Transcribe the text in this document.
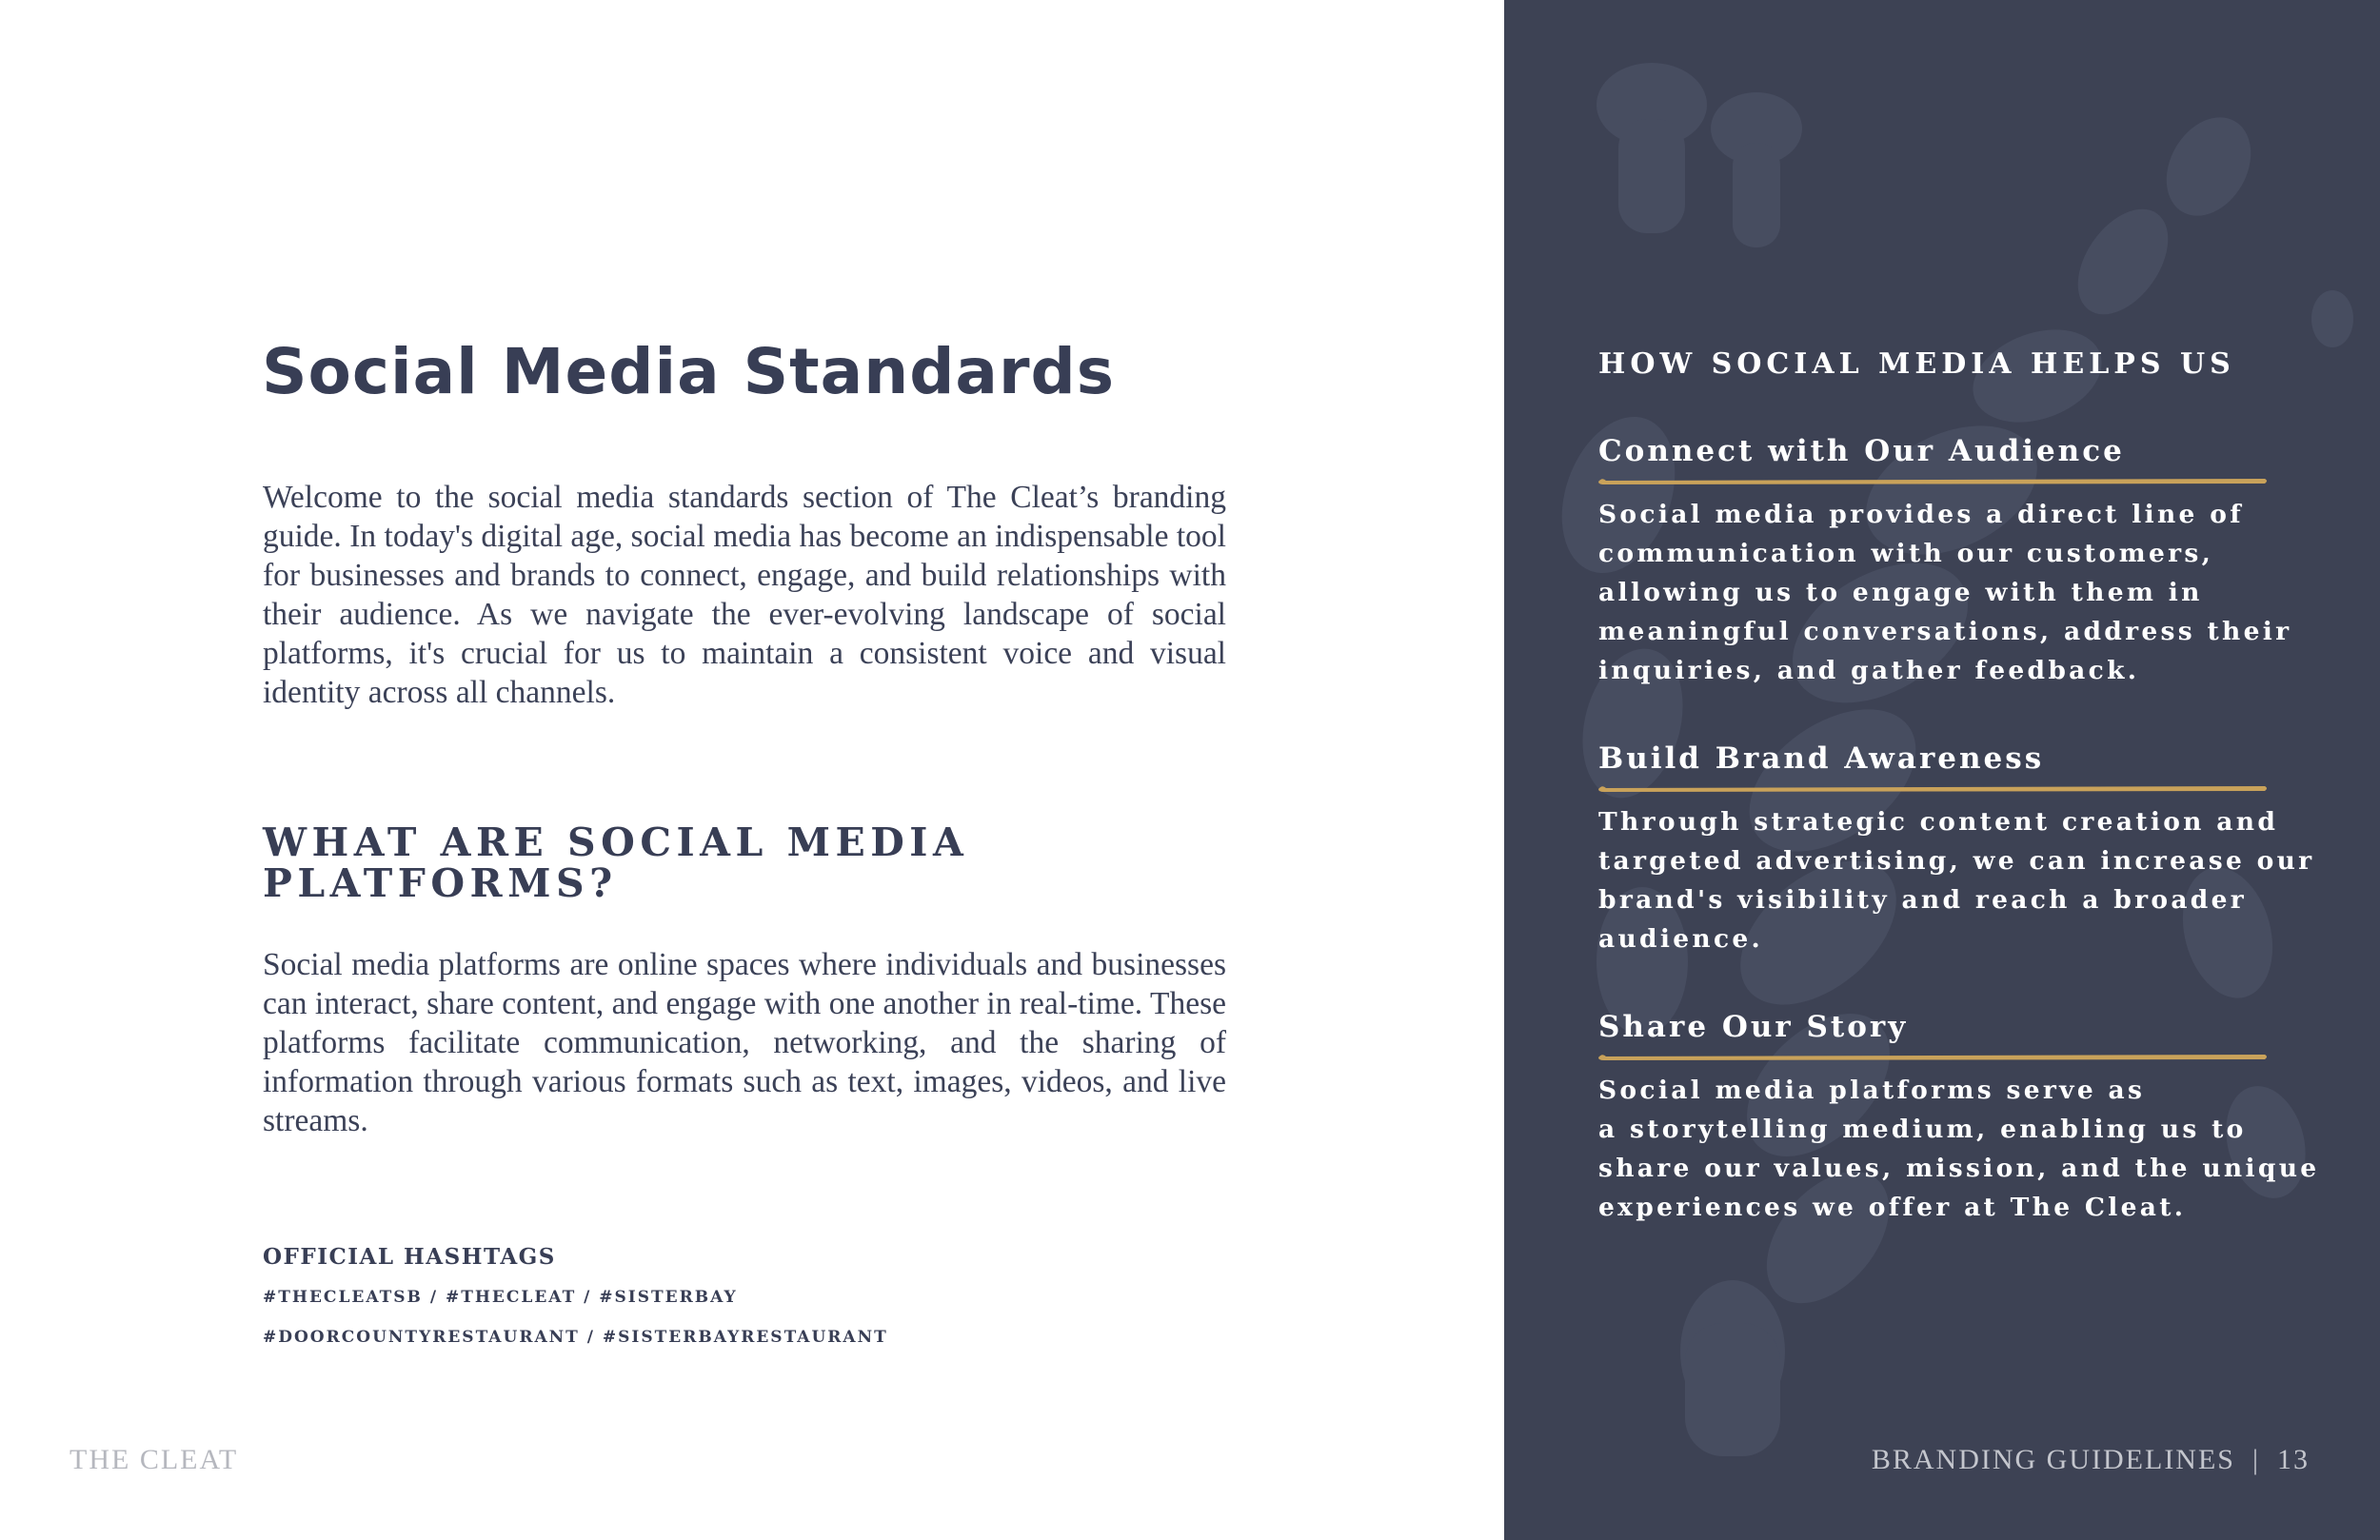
Social Media Standards

Welcome to the social media standards section of The Cleat’s branding guide. In today's digital age, social media has become an indispensable tool for businesses and brands to connect, engage, and build relationships with their audience. As we navigate the ever-evolving landscape of social platforms, it's crucial for us to maintain a consistent voice and visual identity across all channels.

WHAT ARE SOCIAL MEDIA PLATFORMS?

Social media platforms are online spaces where individuals and businesses can interact, share content, and engage with one another in real-time. These platforms facilitate communication, networking, and the sharing of information through various formats such as text, images, videos, and live streams.

OFFICIAL HASHTAGS

#THECLEATSB / #THECLEAT / #SISTERBAY

#DOORCOUNTYRESTAURANT / #SISTERBAYRESTAURANT

THE CLEAT
HOW SOCIAL MEDIA HELPS US
Connect with Our Audience

Social media provides a direct line of
communication with our customers,
allowing us to engage with them in
meaningful conversations, address their
inquiries, and gather feedback.

Build Brand Awareness

Through strategic content creation and
targeted advertising, we can increase our
brand's visibility and reach a broader
audience.

Share Our Story

Social media platforms serve as
a storytelling medium, enabling us to
share our values, mission, and the unique
experiences we offer at The Cleat.

BRANDING GUIDELINES | 13
